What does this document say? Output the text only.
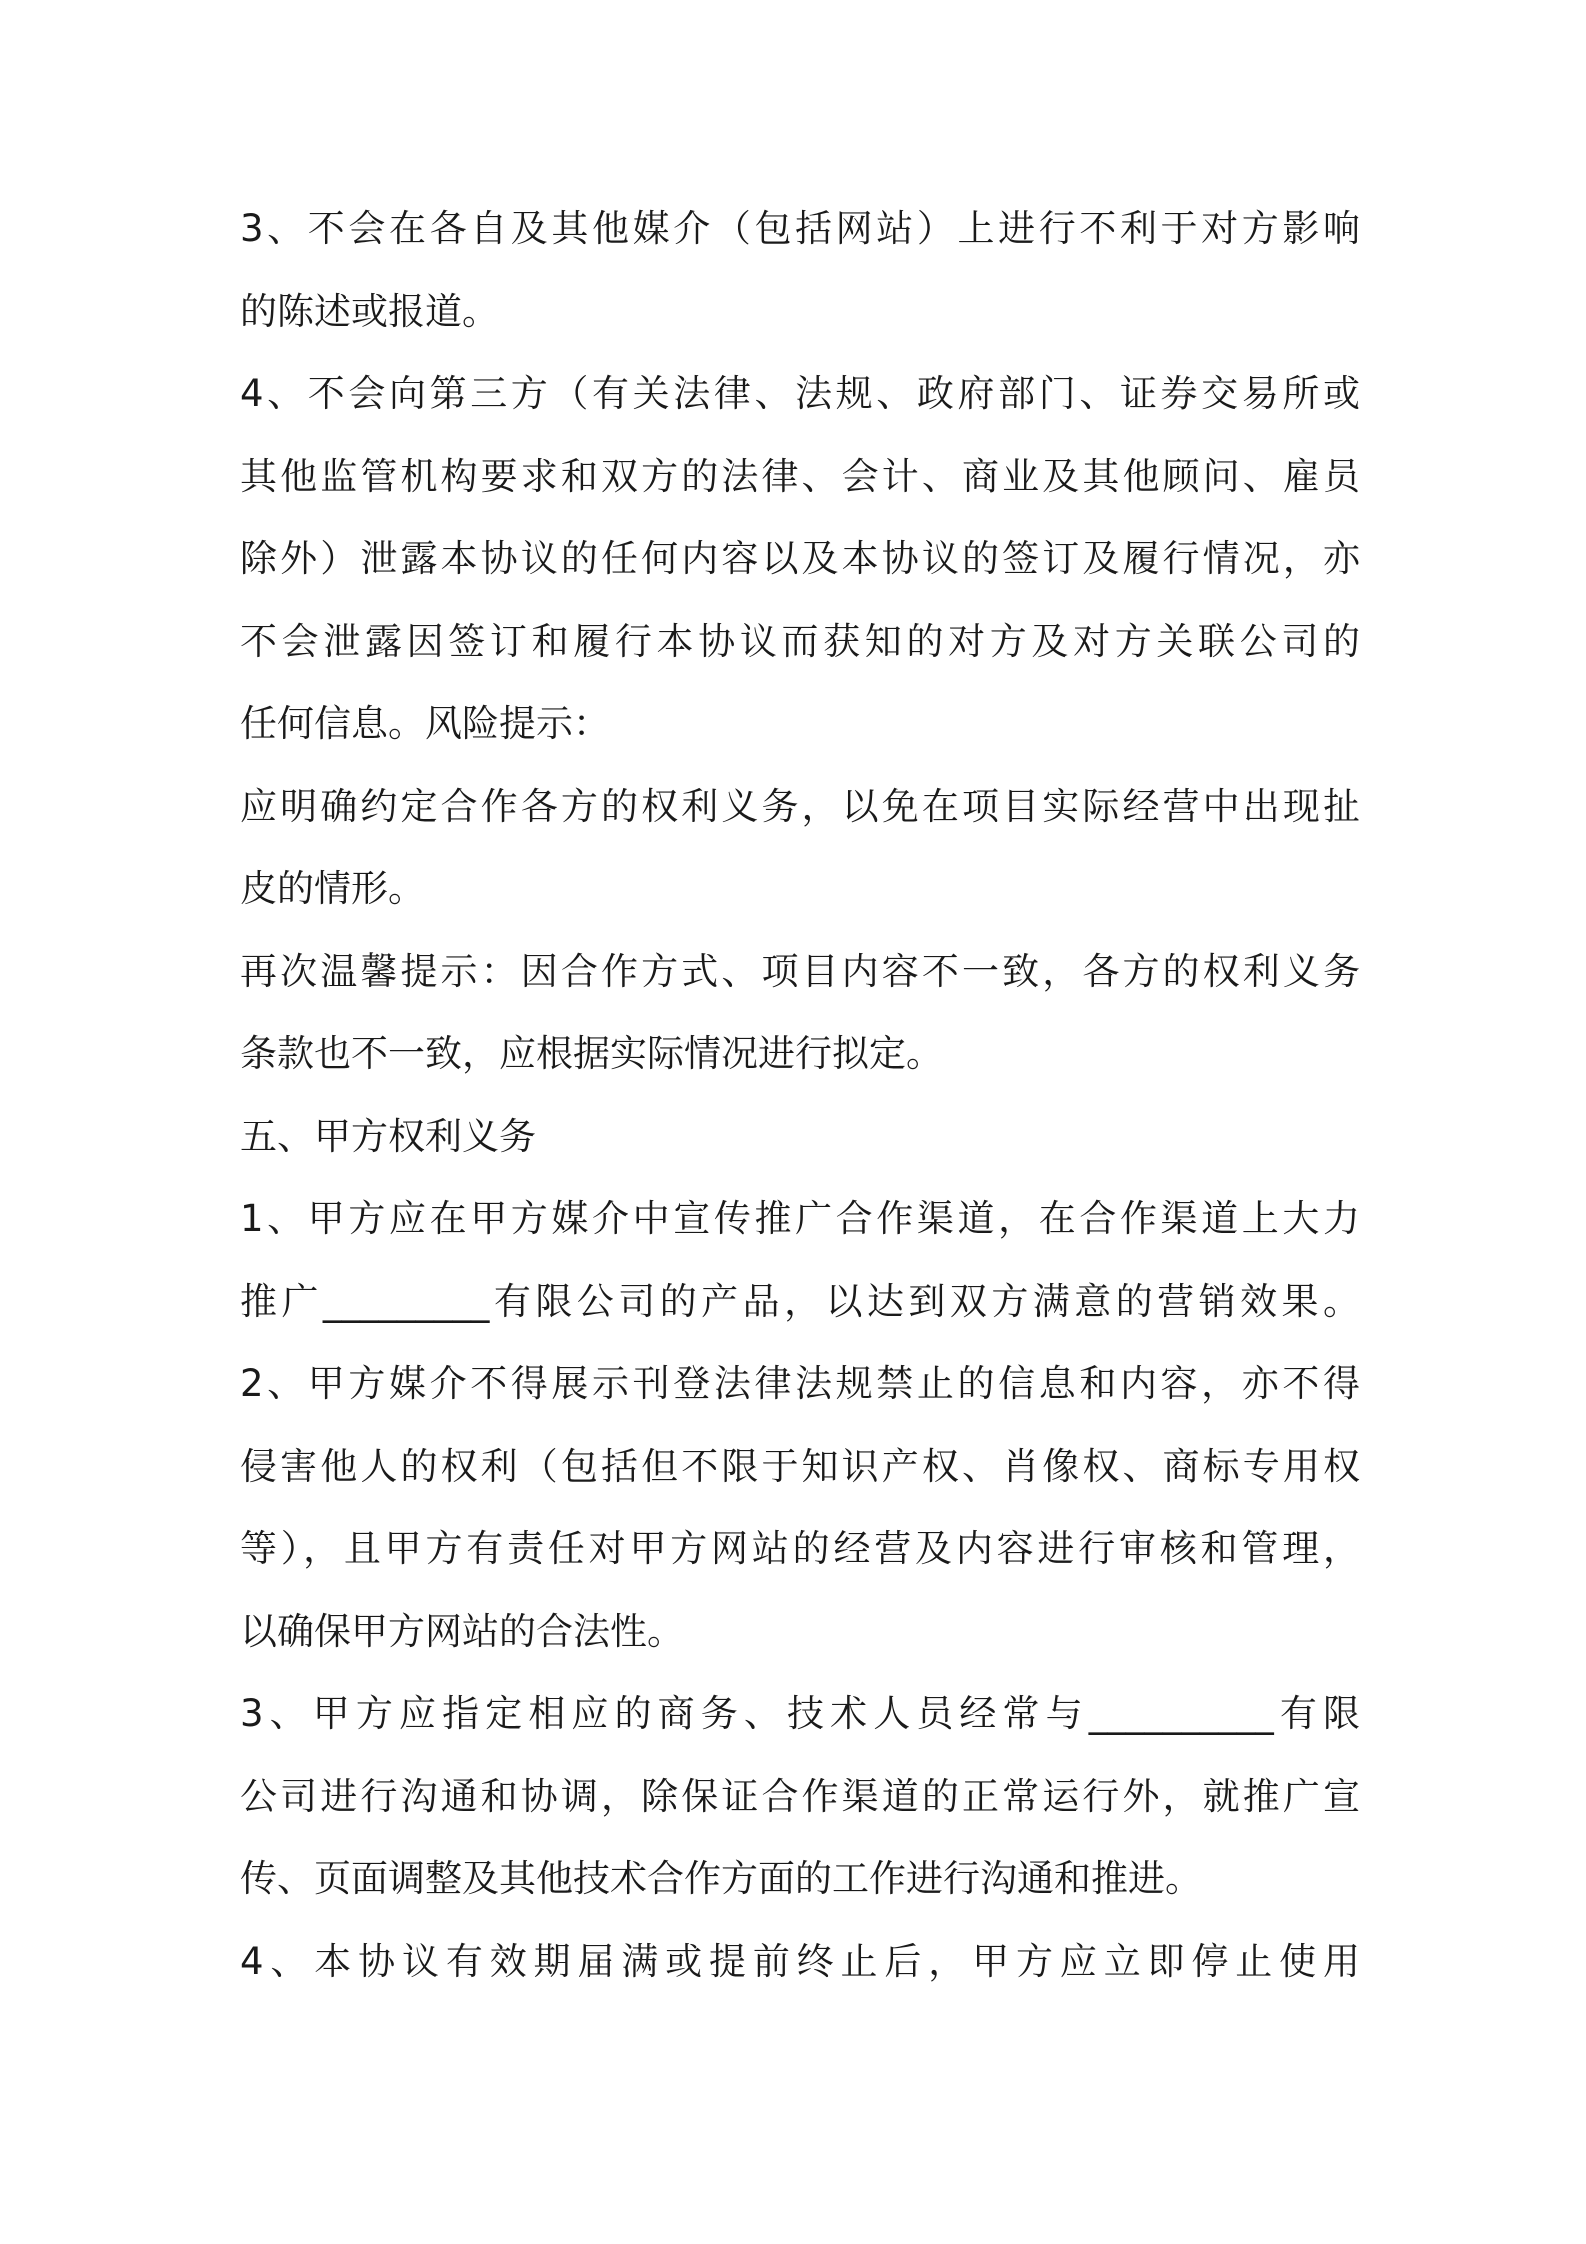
3、不会在各自及其他媒介（包括网站）上进行不利于对方影响
的陈述或报道。
4、不会向第三方（有关法律、法规、政府部门、证券交易所或
其他监管机构要求和双方的法律、会计、商业及其他顾问、雇员
除外）泄露本协议的任何内容以及本协议的签订及履行情况，亦
不会泄露因签订和履行本协议而获知的对方及对方关联公司的
任何信息。风险提示：
应明确约定合作各方的权利义务，以免在项目实际经营中出现扯
皮的情形。
再次温馨提示：因合作方式、项目内容不一致，各方的权利义务
条款也不一致，应根据实际情况进行拟定。
五、甲方权利义务
1、甲方应在甲方媒介中宣传推广合作渠道，在合作渠道上大力
推广_________有限公司的产品，以达到双方满意的营销效果。
2、甲方媒介不得展示刊登法律法规禁止的信息和内容，亦不得
侵害他人的权利（包括但不限于知识产权、肖像权、商标专用权
等），且甲方有责任对甲方网站的经营及内容进行审核和管理，
以确保甲方网站的合法性。
3、甲方应指定相应的商务、技术人员经常与__________有限
公司进行沟通和协调，除保证合作渠道的正常运行外，就推广宣
传、页面调整及其他技术合作方面的工作进行沟通和推进。
4、本协议有效期届满或提前终止后，甲方应立即停止使用
